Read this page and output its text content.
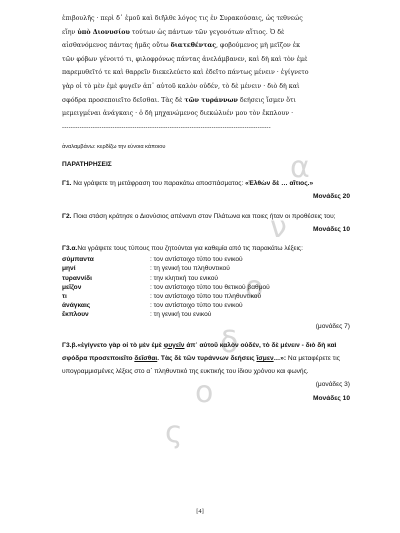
α
ν
ο
δ
ο
ς

ἐπιβουλῆς · περὶ δ᾽ ἐμοῦ καὶ διῆλθε λόγος τις ἐν Συρακούσαις, ὡς τεθνεώς

εἴην ὑπὸ Διονυσίου τούτων ὡς πάντων τῶν γεγονότων αἴτιος. Ὁ δὲ

αἰσθανόμενος πάντας ἡμᾶς οὕτω διατεθέντας, φοβούμενος μὴ μεῖζον ἐκ

τῶν φόβων γένοιτό τι, φιλοφρόνως πάντας ἀνελάμβανεν, καὶ δὴ καὶ τὸν ἐμὲ

παρεμυθεῖτό τε καὶ θαρρεῖν διεκελεύετο καὶ ἐδεῖτο πάντως μένειν · ἐγίγνετο

γὰρ οἱ τὸ μὲν ἐμὲ φυγεῖν ἀπ᾽ αὐτοῦ καλὸν οὐδέν, τὸ δὲ μένειν · διὸ δὴ καὶ

σφόδρα προσεποιεῖτο δεῖσθαι. Τὰς δὲ τῶν τυράννων δεήσεις ἴσμεν ὅτι

μεμειγμέναι ἀνάγκαις · ὁ δὴ μηχανώμενος διεκώλυέν μου τὸν ἔκπλουν ·

-----------------------------------------------------------------------------------------------
ἀναλαμβάνω: κερδίζω την εύνοια κάποιου
ΠΑΡΑΤΗΡΗΣΕΙΣ
Γ1. Να γράψετε τη μετάφραση του παρακάτω αποσπάσματος: «Ἐλθὼν δὲ … αἴτιος.»
Μονάδες 20
Γ2. Ποια στάση κράτησε ο Διονύσιος απέναντι στον Πλάτωνα και ποιες ήταν οι προθέσεις του;
Μονάδες 10
Γ3.α.Να γράψετε τους τύπους που ζητούνται για καθεμία από τις παρακάτω λέξεις:
σύμπαντα	: τον αντίστοιχο τύπο του ενικού
μηνί	: τη γενική του πληθυντικού
τυραννίδι	: την κλητική του ενικού
μεῖζον	: τον αντίστοιχο τύπο του θετικού βαθμού
τι	: τον αντίστοιχο τύπο του πληθυντικού
ἀνάγκαις	: τον αντίστοιχο τύπο του ενικού
ἔκπλουν	: τη γενική του ενικού
(μονάδες 7)
Γ3.β.«ἐγίγνετο γὰρ οἱ τὸ μὲν ἐμὲ φυγεῖν ἀπ᾽ αὐτοῦ καλὸν οὐδέν, τὸ δὲ μένειν - διὸ δὴ καὶ σφόδρα προσεποιεῖτο δεῖσθαι. Τὰς δὲ τῶν τυράννων δεήσεις ἴσμεν…»: Να μεταφέρετε τις υπογραμμισμένες λέξεις στο α΄ πληθυντικό της ευκτικής του ίδιου χρόνου και φωνής.
(μονάδες 3)
Μονάδες 10
[4]
